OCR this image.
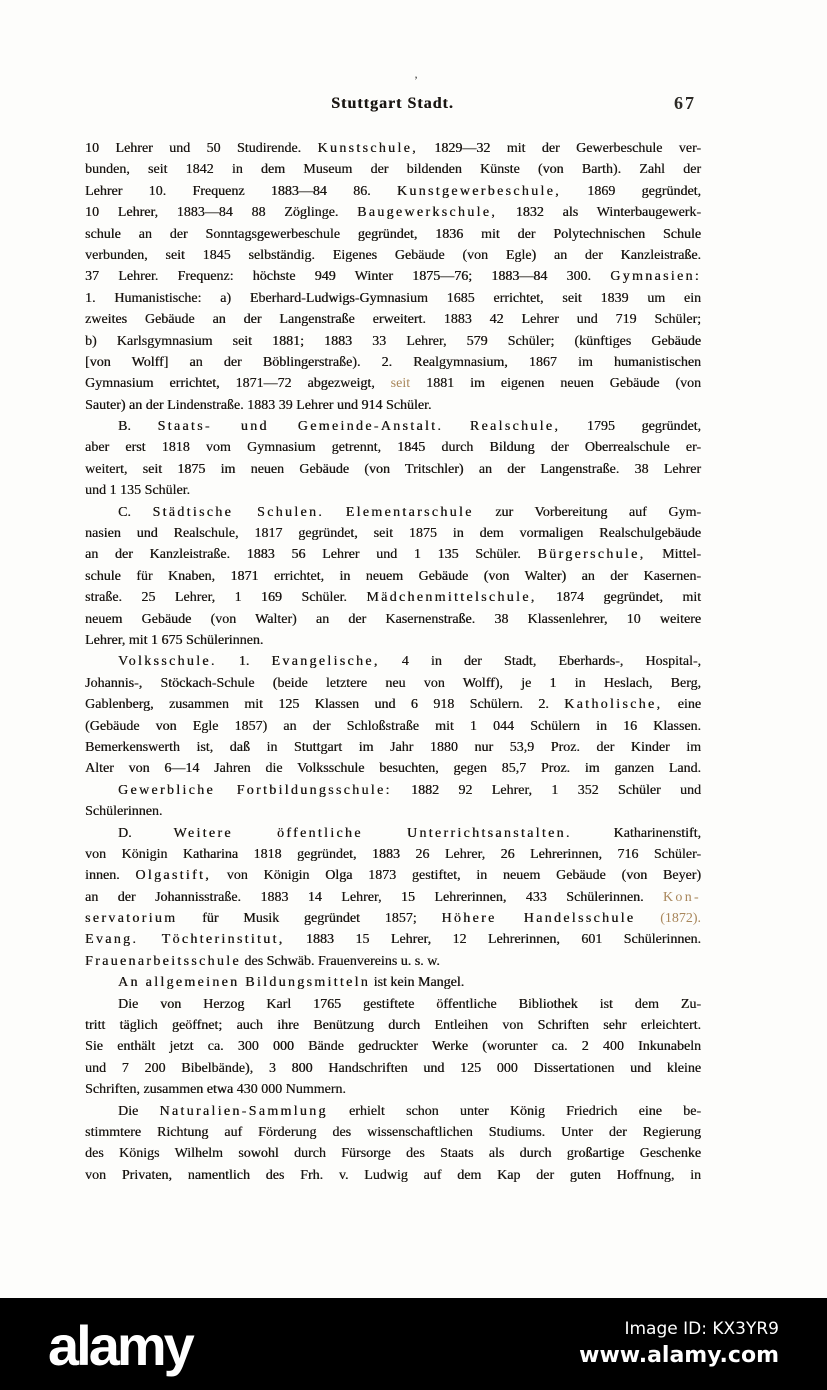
’
Stuttgart Stadt.	67
10 Lehrer und 50 Studirende. Kunstschule, 1829—32 mit der Gewerbeschule ver-
bunden, seit 1842 in dem Museum der bildenden Künste (von Barth). Zahl der
Lehrer 10. Frequenz 1883—84 86. Kunstgewerbeschule, 1869 gegründet,
10 Lehrer, 1883—84 88 Zöglinge. Baugewerkschule, 1832 als Winterbaugewerk-
schule an der Sonntagsgewerbeschule gegründet, 1836 mit der Polytechnischen Schule
verbunden, seit 1845 selbständig. Eigenes Gebäude (von Egle) an der Kanzleistraße.
37 Lehrer. Frequenz: höchste 949 Winter 1875—76; 1883—84 300. Gymnasien:
1. Humanistische: a) Eberhard-Ludwigs-Gymnasium 1685 errichtet, seit 1839 um ein
zweites Gebäude an der Langenstraße erweitert. 1883 42 Lehrer und 719 Schüler;
b) Karlsgymnasium seit 1881; 1883 33 Lehrer, 579 Schüler; (künftiges Gebäude
[von Wolff] an der Böblingerstraße). 2. Realgymnasium, 1867 im humanistischen
Gymnasium errichtet, 1871—72 abgezweigt, seit 1881 im eigenen neuen Gebäude (von
Sauter) an der Lindenstraße. 1883 39 Lehrer und 914 Schüler.
B. Staats- und Gemeinde-Anstalt. Realschule, 1795 gegründet,
aber erst 1818 vom Gymnasium getrennt, 1845 durch Bildung der Oberrealschule er-
weitert, seit 1875 im neuen Gebäude (von Tritschler) an der Langenstraße. 38 Lehrer
und 1 135 Schüler.
C. Städtische Schulen. Elementarschule zur Vorbereitung auf Gym-
nasien und Realschule, 1817 gegründet, seit 1875 in dem vormaligen Realschulgebäude
an der Kanzleistraße. 1883 56 Lehrer und 1 135 Schüler. Bürgerschule, Mittel-
schule für Knaben, 1871 errichtet, in neuem Gebäude (von Walter) an der Kasernen-
straße. 25 Lehrer, 1 169 Schüler. Mädchenmittelschule, 1874 gegründet, mit
neuem Gebäude (von Walter) an der Kasernenstraße. 38 Klassenlehrer, 10 weitere
Lehrer, mit 1 675 Schülerinnen.
Volksschule. 1. Evangelische, 4 in der Stadt, Eberhards-, Hospital-,
Johannis-, Stöckach-Schule (beide letztere neu von Wolff), je 1 in Heslach, Berg,
Gablenberg, zusammen mit 125 Klassen und 6 918 Schülern. 2. Katholische, eine
(Gebäude von Egle 1857) an der Schloßstraße mit 1 044 Schülern in 16 Klassen.
Bemerkenswerth ist, daß in Stuttgart im Jahr 1880 nur 53,9 Proz. der Kinder im
Alter von 6—14 Jahren die Volksschule besuchten, gegen 85,7 Proz. im ganzen Land.
Gewerbliche Fortbildungsschule: 1882 92 Lehrer, 1 352 Schüler und
Schülerinnen.
D. Weitere öffentliche Unterrichtsanstalten. Katharinenstift,
von Königin Katharina 1818 gegründet, 1883 26 Lehrer, 26 Lehrerinnen, 716 Schüler-
innen. Olgastift, von Königin Olga 1873 gestiftet, in neuem Gebäude (von Beyer)
an der Johannisstraße. 1883 14 Lehrer, 15 Lehrerinnen, 433 Schülerinnen. Kon-
servatorium für Musik gegründet 1857; Höhere Handelsschule (1872).
Evang. Töchterinstitut, 1883 15 Lehrer, 12 Lehrerinnen, 601 Schülerinnen.
Frauenarbeitsschule des Schwäb. Frauenvereins u. s. w.
An allgemeinen Bildungsmitteln ist kein Mangel.
Die von Herzog Karl 1765 gestiftete öffentliche Bibliothek ist dem Zu-
tritt täglich geöffnet; auch ihre Benützung durch Entleihen von Schriften sehr erleichtert.
Sie enthält jetzt ca. 300 000 Bände gedruckter Werke (worunter ca. 2 400 Inkunabeln
und 7 200 Bibelbände), 3 800 Handschriften und 125 000 Dissertationen und kleine
Schriften, zusammen etwa 430 000 Nummern.
Die Naturalien-Sammlung erhielt schon unter König Friedrich eine be-
stimmtere Richtung auf Förderung des wissenschaftlichen Studiums. Unter der Regierung
des Königs Wilhelm sowohl durch Fürsorge des Staats als durch großartige Geschenke
von Privaten, namentlich des Frh. v. Ludwig auf dem Kap der guten Hoffnung, in
alamy	Image ID: KX3YR9
www.alamy.com
